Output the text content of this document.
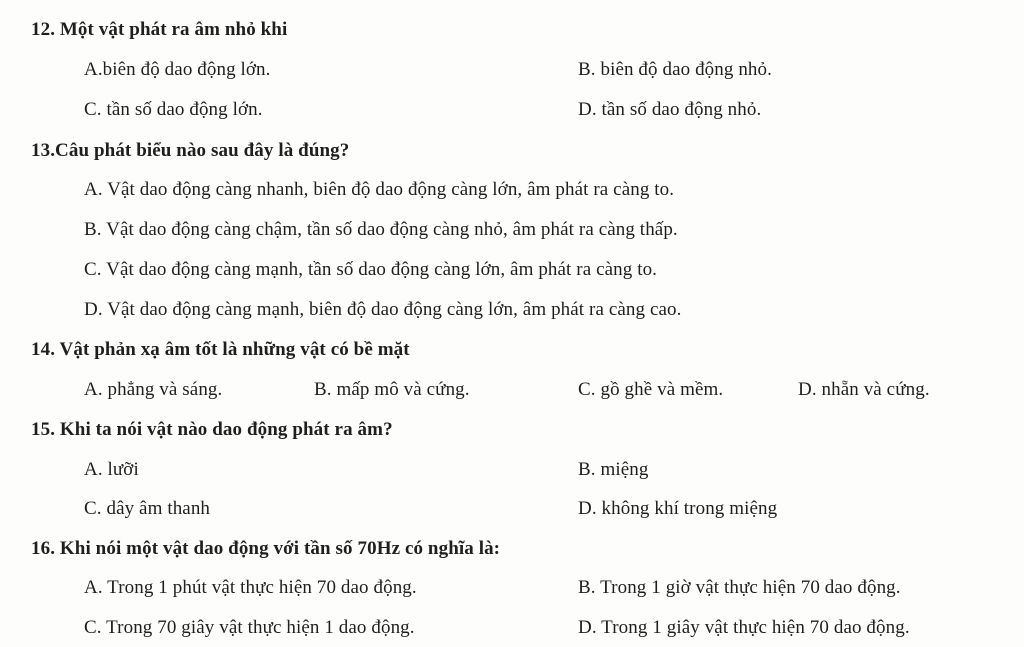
12. Một vật phát ra âm nhỏ khi
A.biên độ dao động lớn.	B. biên độ dao động nhỏ.
C. tần số dao động lớn.	D. tần số dao động nhỏ.
13.Câu phát biểu nào sau đây là đúng?
A. Vật dao động càng nhanh, biên độ dao động càng lớn, âm phát ra càng to.
B. Vật dao động càng chậm, tần số dao động càng nhỏ, âm phát ra càng thấp.
C. Vật dao động càng mạnh, tần số dao động càng lớn, âm phát ra càng to.
D. Vật dao động càng mạnh, biên độ dao động càng lớn, âm phát ra càng cao.
14. Vật phản xạ âm tốt là những vật có bề mặt
A. phẳng và sáng.	B. mấp mô và cứng.	C. gồ ghề và mềm.	D. nhẵn và cứng.
15. Khi ta nói vật nào dao động phát ra âm?
A. lưỡi	B. miệng
C. dây âm thanh	D. không khí trong miệng
16. Khi nói một vật dao động với tần số 70Hz có nghĩa là:
A. Trong 1 phút vật thực hiện 70 dao động.	B. Trong 1 giờ vật thực hiện 70 dao động.
C. Trong 70 giây vật thực hiện 1 dao động.	D. Trong 1 giây vật thực hiện 70 dao động.
